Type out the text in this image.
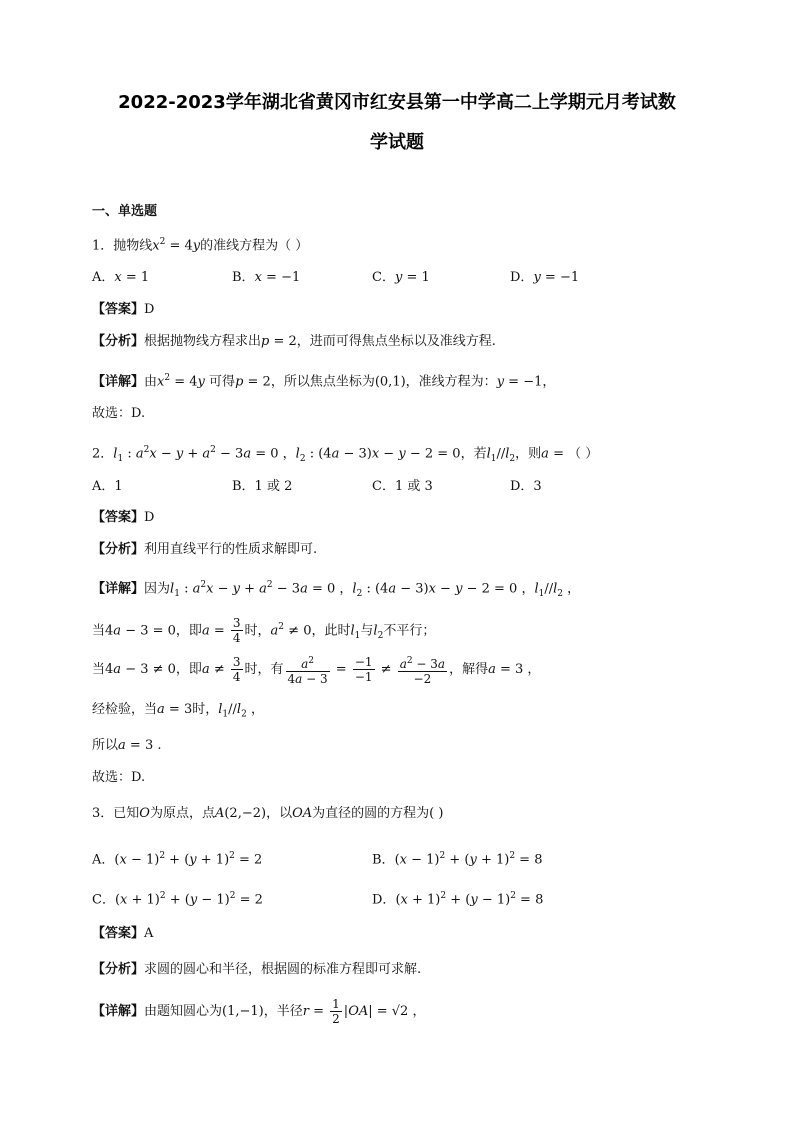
2022-2023学年湖北省黄冈市红安县第一中学高二上学期元月考试数
学试题
一、单选题
1．抛物线$x^2 = 4y$的准线方程为（ ）
A．x = 1	B．x = −1	C．y = 1	D．y = −1
【答案】D
【分析】根据抛物线方程求出p = 2，进而可得焦点坐标以及准线方程.
【详解】由$x^2 = 4y$ 可得p = 2，所以焦点坐标为(0,1)，准线方程为：y = −1，
故选：D.
2．$l_1$ : $a^2x - y + a^2 - 3a = 0$ ，$l_2$ : (4a − 3)x − y − 2 = 0，若$l_1//l_2$，则a = （ ）
A．1	B．1 或 2	C．1 或 3	D．3
【答案】D
【分析】利用直线平行的性质求解即可.
【详解】因为$l_1$ : $a^2x - y + a^2 - 3a = 0$ ，$l_2$ : (4a − 3)x − y − 2 = 0 ，$l_1//l_2$ ，
当4a − 3 = 0，即$a = \frac{3}{4}$ 时，$a^2 \ne 0$，此时$l_1$与$l_2$不平行；
当4a − 3 ≠ 0，即$a \ne \frac{3}{4}$ 时，有 $\frac{a^2}{4a - 3} = \frac{-1}{-1} \ne \frac{a^2 - 3a}{-2}$ ，解得a = 3 ，
经检验，当a = 3时，$l_1//l_2$ ，
所以a = 3 .
故选：D.
3．已知O为原点，点A(2,−2)，以OA为直径的圆的方程为( )
A．$(x - 1)^2 + (y + 1)^2 = 2$	B．$(x - 1)^2 + (y + 1)^2 = 8$
C．$(x + 1)^2 + (y - 1)^2 = 2$	D．$(x + 1)^2 + (y - 1)^2 = 8$
【答案】A
【分析】求圆的圆心和半径，根据圆的标准方程即可求解.
【详解】由题知圆心为(1,−1)，半径$r = \frac{1}{2} |OA| = √2$ ，
